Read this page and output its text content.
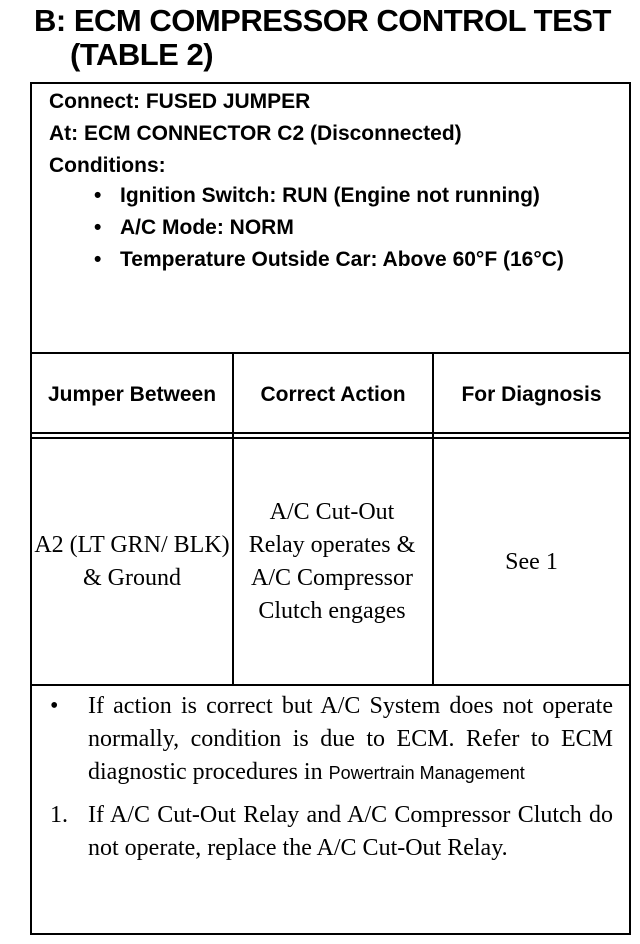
B: ECM COMPRESSOR CONTROL TEST
(TABLE 2)
Connect: FUSED JUMPER
At: ECM CONNECTOR C2 (Disconnected)
Conditions:
• Ignition Switch: RUN (Engine not running)
• A/C Mode: NORM
• Temperature Outside Car: Above 60°F (16°C)
Jumper Between	Correct Action	For Diagnosis
A2 (LT GRN/ BLK) & Ground
A/C Cut-Out Relay operates & A/C Compressor Clutch engages
See 1
• If action is correct but A/C System does not operate normally, condition is due to ECM. Refer to ECM diagnostic procedures in Powertrain Management
1. If A/C Cut-Out Relay and A/C Compressor Clutch do not operate, replace the A/C Cut-Out Relay.
